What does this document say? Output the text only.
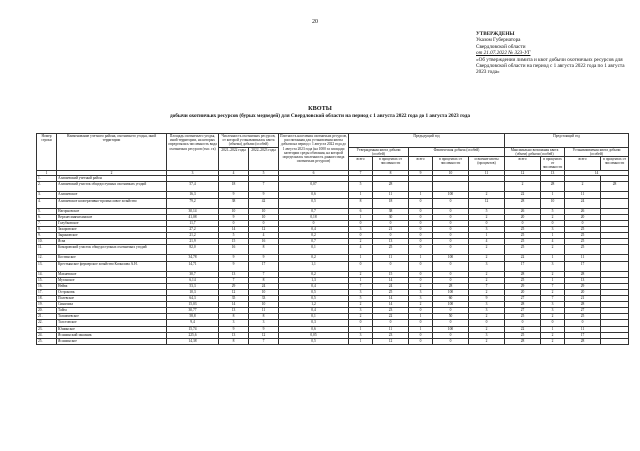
20
УТВЕРЖДЕНЫ
Указом Губернатора
Свердловской области
от 21.07.2022 № 323-УГ
«Об утверждении лимита и квот добычи охотничьих ресурсов для Свердловской области на период с 1 августа 2022 года по 1 августа 2023 года»
КВОТЫ
добычи охотничьих ресурсов (бурых медведей) для Свердловской области на период с 1 августа 2022 года до 1 августа 2023 года
Номер строки	Наименование учетного района, охотничьего угодья, иной территории	Площадь охотничьего угодья, иной территории, на которых определялась численность вида охотничьих ресурсов (тыс. га)	Численность охотничьих ресурсов, от которой устанавливалась квота (объема) добычи (особей)		Плотность населения охотничьих ресурсов, рассчитанная для установления квоты добычи на период с 1 августа 2022 года до 1 августа 2023 года (на 1000 га площади категории среды обитания, на которой определялась численность данного вида охотничьих ресурсов)	Предыдущий год					Предстоящий год			
			2021–2022 годы	2022–2023 годы		Утвержденная квота добычи (особей)		Фактическая добыча (особей)			Максимально возможная квота (объем) добычи (особей)		Устанавливаемая квота добычи (особей)	
						всего	в процентах от численности	всего	в процентах от численности	освоение квоты (процентов)	всего	в процентах от численности	всего	в процентах от численности
1	2	3	4	5	6	7	8	9	10	11	12	13	14	
1.	Алапаевский учетный район													
2.	Алапаевский участок общедоступных охотничьих угодий	57,4	18	7	0,07	5	28				2	28	2	28
3.	Алапаевское	16,3	9	9	0,6	1	11	1	100	2	22	1	11	
4.	Алапаевское кооперативно-промысловое хозяйство	79,2	38	42	0,5	8	18	0	0	12	28	10	24	
5.	Нагорновское	30,14	10	10	0,7	6	38	0	0	5	26	5	26	
6.	Верхнесинячихинское	41,08	9	10	0,18	1	30	0	0	2	20	2	20	
7.	Голубковское	11,7	0	0	0	0	0	0	0	0	0	0	0	
8.	Захаровское	27,2	14	12	0,4	3	21	0	0	3	25	3	25	
9.	Зыряновское	21,2	5	4	0,2	0	0	0	0	1	25	1	25	
10.	Ясва	21,9	15	16	0,7	2	13	0	0	4	25	4	25	
11.	Комаровский участок общедоступных охотничьих угодий	82,0	16	8	0,1	4	25	0	0	2	25	2	25	
12.	Костинское	34,78	9	9	0,2	1	11	1	100	2	22	1	11	
13.	Крестьянское фермерское хозяйство Копылова А.Н.	14,71	9	17	1,1	0	0	0	0	3	17	3	17	
14.	Махневское	30,7	13	7	0,2	2	15	0	0	2	28	2	28	
15.	Муганское	6,14	7	8	1,3	1	14	0	0	2	25	1	13	
16.	Нейва	53,3	29	24	0,4	7	24	2	28	7	29	7	29	
17.	Остроновк	10,3	12	10	0,5	3	25	3	100	2	20	2	20	
18.	Полевское	64,3	35	33	0,5	5	14	3	60	9	27	7	21	
19.	Синячиха	15,03	14	10	1,2	2	14	2	100	3	28	3	28	
20.	Тайга	30,77	13	11	0,4	3	23	0	0	3	27	3	27	
21.	Толмачевское	58,8	8	8	0,1	2	22	1	50	2	25	2	25	
22.	Толстовское	9,4	3	3	0,3	0	0	0	0	0	0	0	0	
23.	Юшинское	15,74	9	9	0,6	1	11	1	100	2	22	1	11	
24.	Ясашинский заказник	225,6	13	12	0,05	3	23	0	0	3	25	2	17	
25.	Ясашинское	14,38	8	7	0,5	1	12	0	0	2	28	2	28	
